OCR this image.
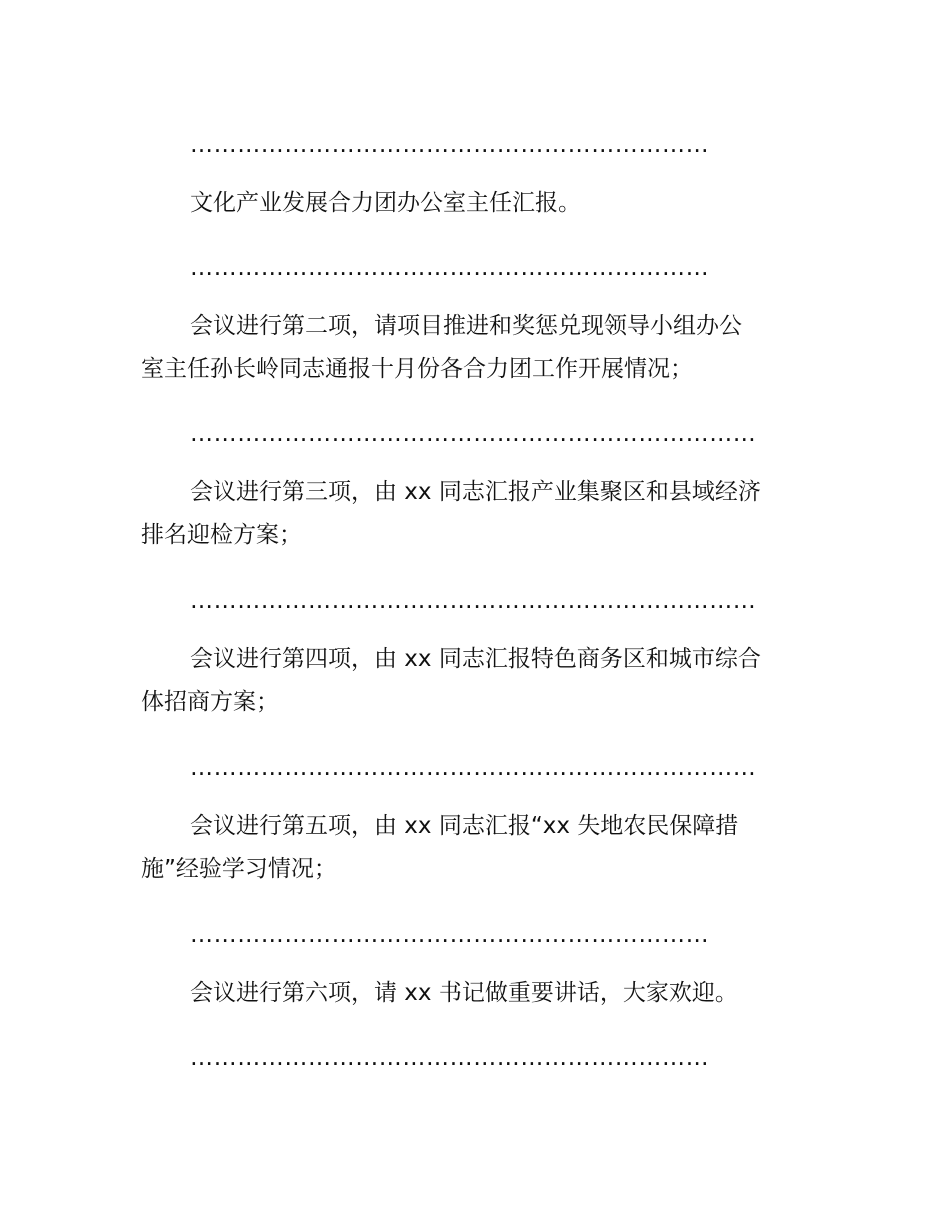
…………………………………………………………
文化产业发展合力团办公室主任汇报。
…………………………………………………………
会议进行第二项，请项目推进和奖惩兑现领导小组办公
室主任孙长岭同志通报十月份各合力团工作开展情况；
………………………………………………………………
会议进行第三项，由 xx 同志汇报产业集聚区和县域经济
排名迎检方案；
………………………………………………………………
会议进行第四项，由 xx 同志汇报特色商务区和城市综合
体招商方案；
………………………………………………………………
会议进行第五项，由 xx 同志汇报“xx 失地农民保障措
施”经验学习情况；
…………………………………………………………
会议进行第六项，请 xx 书记做重要讲话，大家欢迎。
…………………………………………………………
